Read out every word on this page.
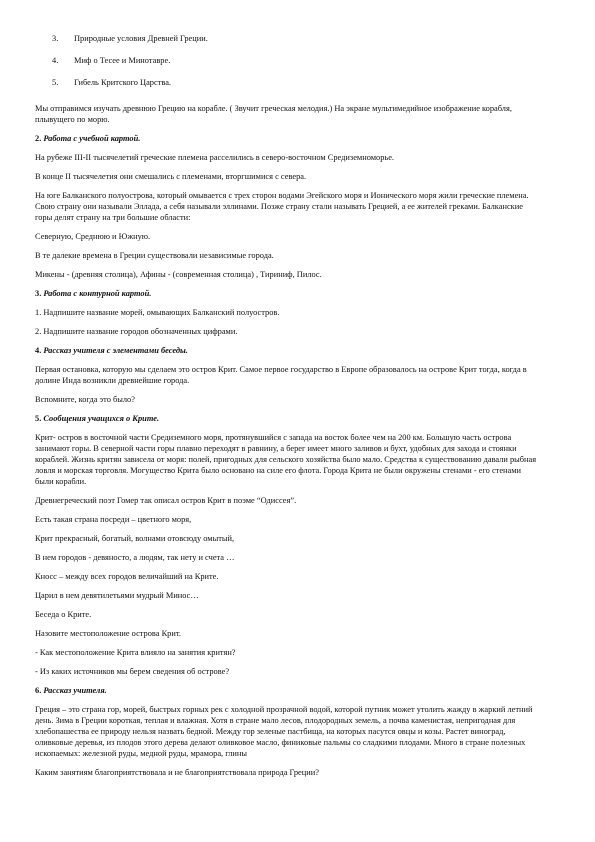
3. Природные условия Древней Греции.
4. Миф о Тесее и Минотавре.
5. Гибель Критского Царства.

Мы отправимся изучать древнюю Грецию на корабле. ( Звучит греческая мелодия.) На экране мультимедийное изображение корабля, плывущего по морю.

2. Работа с учебной картой.

На рубеже III-II тысячелетий греческие племена расселились в северо-восточном Средиземноморье.

В конце II тысячелетия они смешались с племенами, вторгшимися с севера.

На юге Балканского полуострова, который омывается с трех сторон водами Эгейского моря и Ионического моря жили греческие племена. Свою страну они называли Эллада, а себя называли эллинами. Позже страну стали называть Грецией, а ее жителей греками. Балканские горы делят страну на три большие области:

Северную, Среднюю и Южную.

В те далекие времена в Греции существовали независимые города.

Микены - (древняя столица), Афины - (современная столица) , Тириниф, Пилос.

3. Работа с контурной картой.

1. Надпишите название морей, омывающих Балканский полуостров.

2. Надпишите название городов обозначенных цифрами.

4. Рассказ учителя с элементами беседы.

Первая остановка, которую мы сделаем это остров Крит. Самое первое государство в Европе образовалось на острове Крит тогда, когда в долине Инда возникли древнейшие города.

Вспомните, когда это было?

5. Сообщения учащихся о Крите.

Крит- остров в восточной части Средиземного моря, протянувшийся с запада на восток более чем на 200 км. Большую часть острова занимают горы. В северной части горы плавно переходят в равнину, а берег имеет много заливов и бухт, удобных для захода и стоянки кораблей. Жизнь критян зависела от моря: полей, пригодных для сельского хозяйства было мало. Средства к существованию давали рыбная ловля и морская торговля. Могущество Крита было основано на силе его флота. Города Крита не были окружены стенами - его стенами были корабли.

Древнегреческий поэт Гомер так описал остров Крит в поэме “Одиссея”.

Есть такая страна посреди – цветного моря,

Крит прекрасный, богатый, волнами отовсюду омытый,

В нем городов - девяносто, а людям, так нету и счета …

Кносс – между всех городов величайший на Крите.

Царил в нем девятилетьями мудрый Минос…

Беседа о Крите.

Назовите местоположение острова Крит.

- Как местоположение Крита влияло на занятия критян?

- Из каких источников мы берем сведения об острове?

6. Рассказ учителя.

Греция – это страна гор, морей, быстрых горных рек с холодной прозрачной водой, которой путник может утолить жажду в жаркий летний день. Зима в Греции короткая, теплая и влажная. Хотя в стране мало лесов, плодородных земель, а почва каменистая, непригодная для хлебопашества ее природу нельзя назвать бедной. Между гор зеленые пастбища, на которых пасутся овцы и козы. Растет виноград, оливковые деревья, из плодов этого дерева делают оливковое масло, финиковые пальмы со сладкими плодами. Много в стране полезных ископаемых: железной руды, медной руды, мрамора, глины

Каким занятиям благоприятствовала и не благоприятствовала природа Греции?
